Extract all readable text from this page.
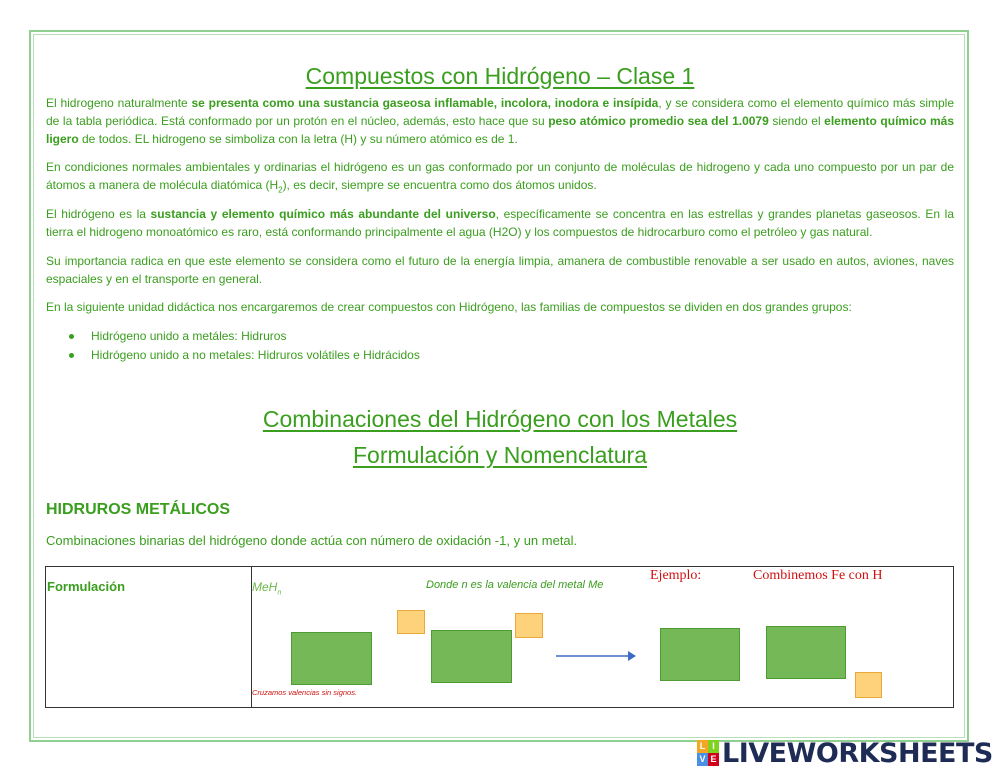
Compuestos con Hidrógeno – Clase 1

El hidrogeno naturalmente se presenta como una sustancia gaseosa inflamable, incolora, inodora e insípida, y se considera como el elemento químico más simple de la tabla periódica. Está conformado por un protón en el núcleo, además, esto hace que su peso atómico promedio sea del 1.0079 siendo el elemento químico más ligero de todos. EL hidrogeno se simboliza con la letra (H) y su número atómico es de 1.

En condiciones normales ambientales y ordinarias el hidrógeno es un gas conformado por un conjunto de moléculas de hidrogeno y cada uno compuesto por un par de átomos a manera de molécula diatómica $(H_2)$, es decir, siempre se encuentra como dos átomos unidos.

El hidrógeno es la sustancia y elemento químico más abundante del universo, específicamente se concentra en las estrellas y grandes planetas gaseosos. En la tierra el hidrogeno monoatómico es raro, está conformando principalmente el agua (H2O) y los compuestos de hidrocarburo como el petróleo y gas natural.

Su importancia radica en que este elemento se considera como el futuro de la energía limpia, amanera de combustible renovable a ser usado en autos, aviones, naves espaciales y en el transporte en general.

En la siguiente unidad didáctica nos encargaremos de crear compuestos con Hidrógeno, las familias de compuestos se dividen en dos grandes grupos:

Hidrógeno unido a metáles: Hidruros
Hidrógeno unido a no metales: Hidruros volátiles e Hidrácidos
Combinaciones del Hidrógeno con los Metales
Formulación y Nomenclatura
HIDRUROS METÁLICOS

Combinaciones binarias del hidrógeno donde actúa con número de oxidación -1, y un metal.

Formulación	MeH$_n$
Donde n es la valencia del metal Me
Ejemplo:	Combinemos Fe con H
Cruzamos valencias sin signos.
L I
V E LIVEWORKSHEETS
